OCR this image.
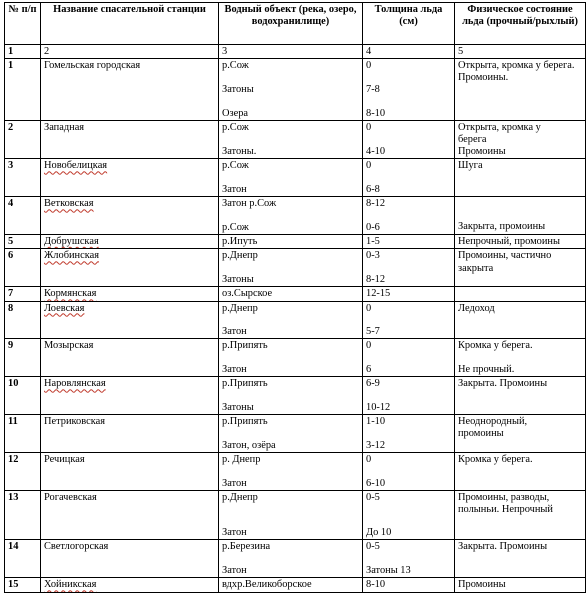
№ п/п	Название спасательной станции	Водный объект (река, озеро, водохранилище)	Толщина льда (см)	Физическое состояние льда (прочный/рыхлый)
1	2	3	4	5
1	Гомельская городская	р.Сож
Затоны
Озера	0
7-8
8-10	Открыта, кромка у берега.
Промоины.

2	Западная	р.Сож
Затоны.	0
4-10	Открыта, кромка у
берега
Промоины

3	Новобелицкая	р.Сож
Затон	0
6-8	Шуга

4	Ветковская	Затон р.Сож
р.Сож	8-12
0-6	Закрыта, промоины

5	Добрушская	р.Ипуть	1-5	Непрочный, промоины

6	Жлобинская	р.Днепр
Затоны	0-3
8-12	Промоины, частично
закрыта

7	Кормянская	оз.Сырское	12-15	

8	Лоевская	р.Днепр
Затон	0
5-7	Ледоход

9	Мозырская	р.Припять
Затон	0
6	Кромка у берега.
Не прочный.

10	Наровлянская	р.Припять
Затоны	6-9
10-12	Закрыта. Промоины

11	Петриковская	р.Припять
Затон, озёра	1-10
3-12	Неоднородный,
промоины

12	Речицкая	р. Днепр
Затон	0
6-10	Кромка у берега.

13	Рогачевская	р.Днепр
Затон	0-5
До 10	Промоины, разводы,
полыньи. Непрочный

14	Светлогорская	р.Березина
Затон	0-5
Затоны 13	Закрыта. Промоины

15	Хойникская	вдхр.Великоборское	8-10	Промоины
